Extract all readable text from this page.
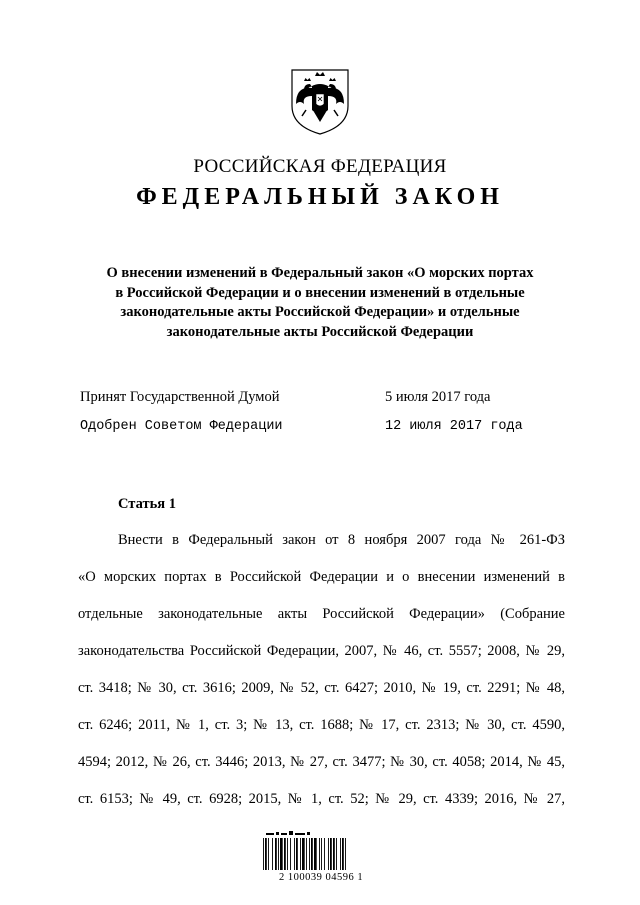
РОССИЙСКАЯ ФЕДЕРАЦИЯ
ФЕДЕРАЛЬНЫЙ ЗАКОН
О внесении изменений в Федеральный закон «О морских портах
в Российской Федерации и о внесении изменений в отдельные
законодательные акты Российской Федерации» и отдельные
законодательные акты Российской Федерации
Принят Государственной Думой	5 июля 2017 года
Одобрен Советом Федерации	12 июля 2017 года
Статья 1
Внести в Федеральный закон от 8 ноября 2007 года № 261-ФЗ
«О морских портах в Российской Федерации и о внесении изменений в
отдельные законодательные акты Российской Федерации» (Собрание
законодательства Российской Федерации, 2007, № 46, ст. 5557; 2008, № 29,
ст. 3418; № 30, ст. 3616; 2009, № 52, ст. 6427; 2010, № 19, ст. 2291; № 48,
ст. 6246; 2011, № 1, ст. 3; № 13, ст. 1688; № 17, ст. 2313; № 30, ст. 4590,
4594; 2012, № 26, ст. 3446; 2013, № 27, ст. 3477; № 30, ст. 4058; 2014, № 45,
ст. 6153; № 49, ст. 6928; 2015, № 1, ст. 52; № 29, ст. 4339; 2016, № 27,
2 100039 04596 1
